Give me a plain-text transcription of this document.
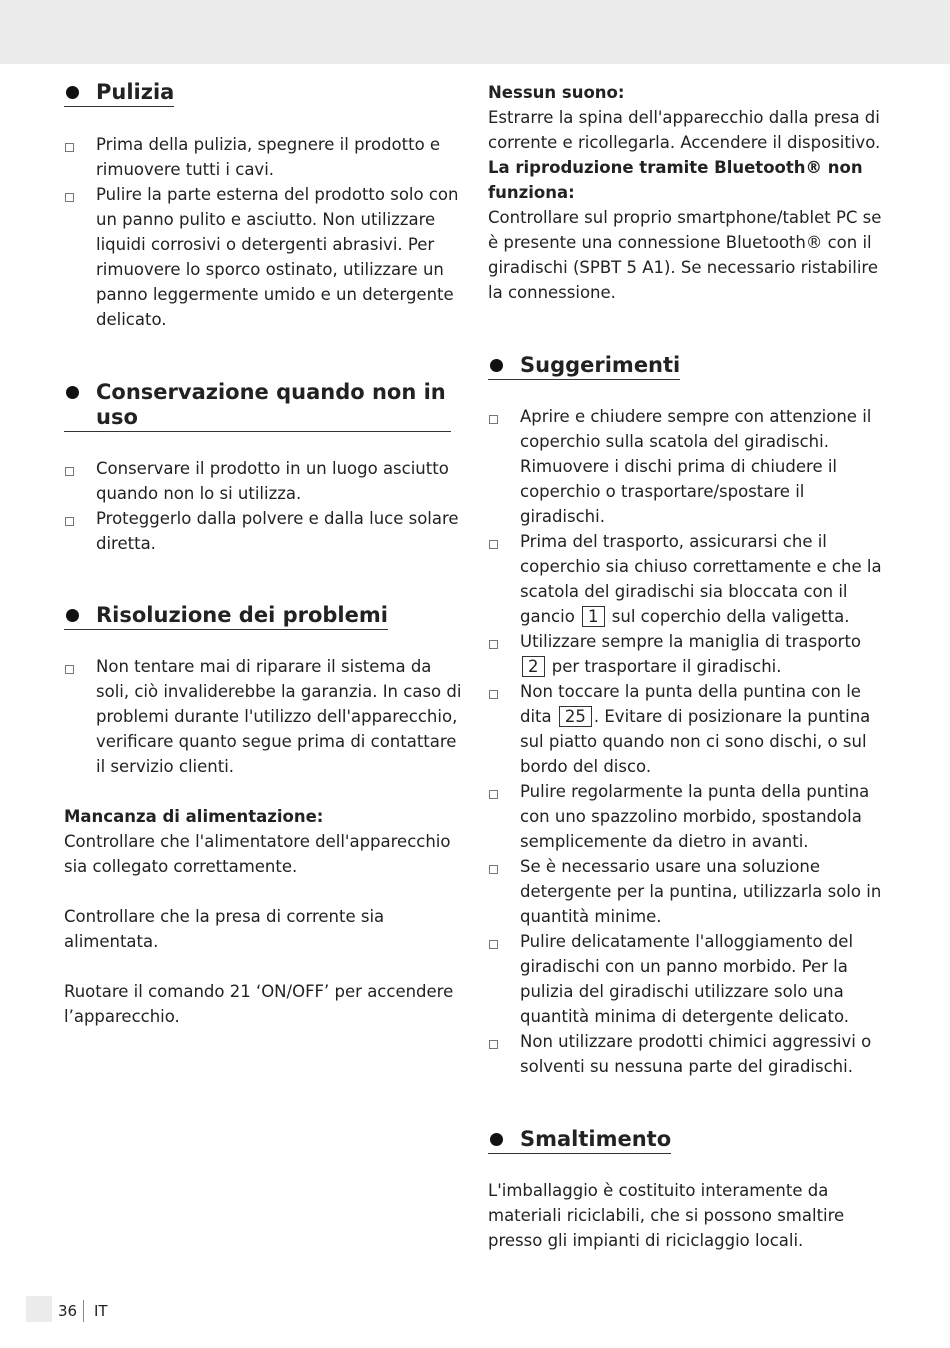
Pulizia
Prima della pulizia, spegnere il prodotto e rimuovere tutti i cavi.
Pulire la parte esterna del prodotto solo con un panno pulito e asciutto. Non utilizzare liquidi corrosivi o detergenti abrasivi. Per rimuovere lo sporco ostinato, utilizzare un panno leggermente umido e un detergente delicato.
Conservazione quando non in uso
Conservare il prodotto in un luogo asciutto quando non lo si utilizza.
Proteggerlo dalla polvere e dalla luce solare diretta.
Risoluzione dei problemi
Non tentare mai di riparare il sistema da soli, ciò invaliderebbe la garanzia. In caso di problemi durante l'utilizzo dell'apparecchio, verificare quanto segue prima di contattare il servizio clienti.

Mancanza di alimentazione:

Controllare che l'alimentatore dell'apparecchio sia collegato correttamente.

Controllare che la presa di corrente sia alimentata.

Ruotare il comando 21 ‘ON/OFF’ per accendere l’apparecchio.

Nessun suono:

Estrarre la spina dell'apparecchio dalla presa di corrente e ricollegarla. Accendere il dispositivo.

La riproduzione tramite Bluetooth® non funziona:

Controllare sul proprio smartphone/tablet PC se è presente una connessione Bluetooth® con il giradischi (SPBT 5 A1). Se necessario ristabilire la connessione.

Suggerimenti
Aprire e chiudere sempre con attenzione il coperchio sulla scatola del giradischi. Rimuovere i dischi prima di chiudere il coperchio o trasportare/spostare il giradischi.
Prima del trasporto, assicurarsi che il coperchio sia chiuso correttamente e che la scatola del giradischi sia bloccata con il gancio 1 sul coperchio della valigetta.
Utilizzare sempre la maniglia di trasporto 2 per trasportare il giradischi.
Non toccare la punta della puntina con le dita 25 . Evitare di posizionare la puntina sul piatto quando non ci sono dischi, o sul bordo del disco.
Pulire regolarmente la punta della puntina con uno spazzolino morbido, spostandola semplicemente da dietro in avanti.
Se è necessario usare una soluzione detergente per la puntina, utilizzarla solo in quantità minime.
Pulire delicatamente l'alloggiamento del giradischi con un panno morbido. Per la pulizia del giradischi utilizzare solo una quantità minima di detergente delicato.
Non utilizzare prodotti chimici aggressivi o solventi su nessuna parte del giradischi.
Smaltimento

L'imballaggio è costituito interamente da materiali riciclabili, che si possono smaltire presso gli impianti di riciclaggio locali.

36	IT
